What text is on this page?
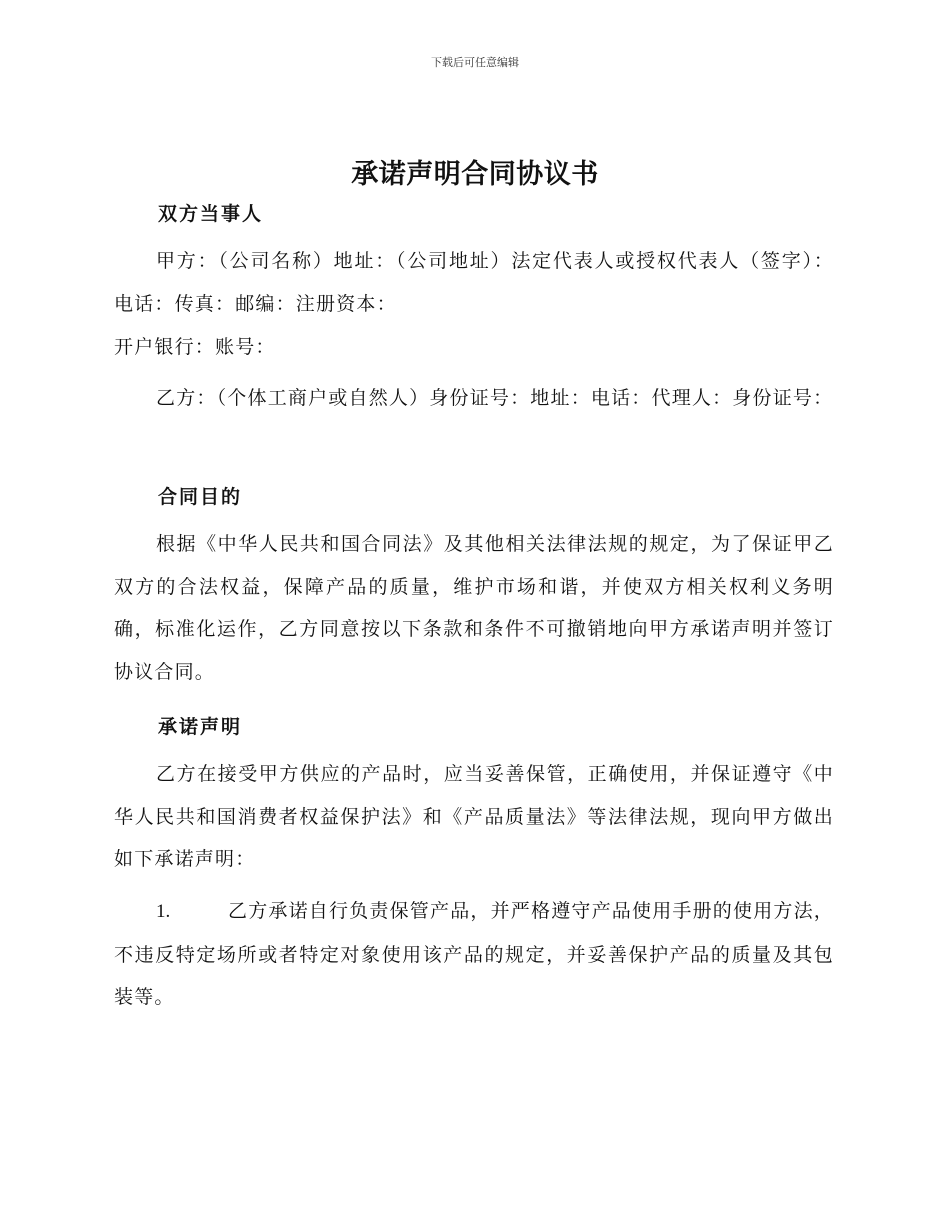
下载后可任意编辑
承诺声明合同协议书
双方当事人
甲方：（公司名称）地址：（公司地址）法定代表人或授权代表人（签字）：电话：传真：邮编：注册资本：
开户银行：账号：
乙方：（个体工商户或自然人）身份证号：地址：电话：代理人：身份证号：
合同目的
根据《中华人民共和国合同法》及其他相关法律法规的规定，为了保证甲乙双方的合法权益，保障产品的质量，维护市场和谐，并使双方相关权利义务明确，标准化运作，乙方同意按以下条款和条件不可撤销地向甲方承诺声明并签订协议合同。
承诺声明
乙方在接受甲方供应的产品时，应当妥善保管，正确使用，并保证遵守《中华人民共和国消费者权益保护法》和《产品质量法》等法律法规，现向甲方做出如下承诺声明：
1.	乙方承诺自行负责保管产品，并严格遵守产品使用手册的使用方法，不违反特定场所或者特定对象使用该产品的规定，并妥善保护产品的质量及其包装等。
